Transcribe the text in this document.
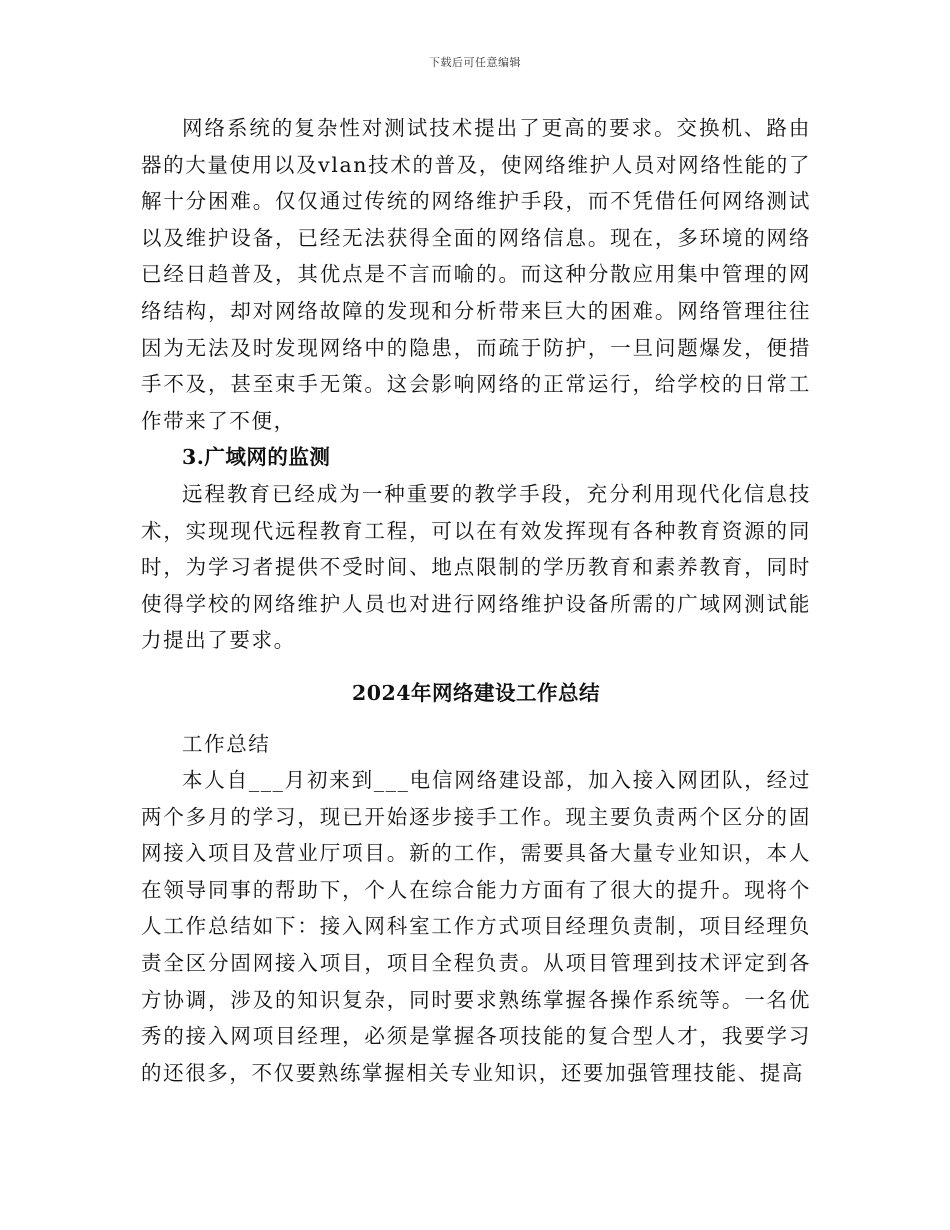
下载后可任意编辑

网络系统的复杂性对测试技术提出了更高的要求。交换机、路由器的大量使用以及vlan技术的普及，使网络维护人员对网络性能的了解十分困难。仅仅通过传统的网络维护手段，而不凭借任何网络测试以及维护设备，已经无法获得全面的网络信息。现在，多环境的网络已经日趋普及，其优点是不言而喻的。而这种分散应用集中管理的网络结构，却对网络故障的发现和分析带来巨大的困难。网络管理往往因为无法及时发现网络中的隐患，而疏于防护，一旦问题爆发，便措手不及，甚至束手无策。这会影响网络的正常运行，给学校的日常工作带来了不便，

3.广域网的监测

远程教育已经成为一种重要的教学手段，充分利用现代化信息技术，实现现代远程教育工程，可以在有效发挥现有各种教育资源的同时，为学习者提供不受时间、地点限制的学历教育和素养教育，同时使得学校的网络维护人员也对进行网络维护设备所需的广域网测试能力提出了要求。

2024年网络建设工作总结

工作总结

本人自___月初来到___电信网络建设部，加入接入网团队，经过两个多月的学习，现已开始逐步接手工作。现主要负责两个区分的固网接入项目及营业厅项目。新的工作，需要具备大量专业知识，本人在领导同事的帮助下，个人在综合能力方面有了很大的提升。现将个人工作总结如下：接入网科室工作方式项目经理负责制，项目经理负责全区分固网接入项目，项目全程负责。从项目管理到技术评定到各方协调，涉及的知识复杂，同时要求熟练掌握各操作系统等。一名优秀的接入网项目经理，必须是掌握各项技能的复合型人才，我要学习的还很多，不仅要熟练掌握相关专业知识，还要加强管理技能、提高
